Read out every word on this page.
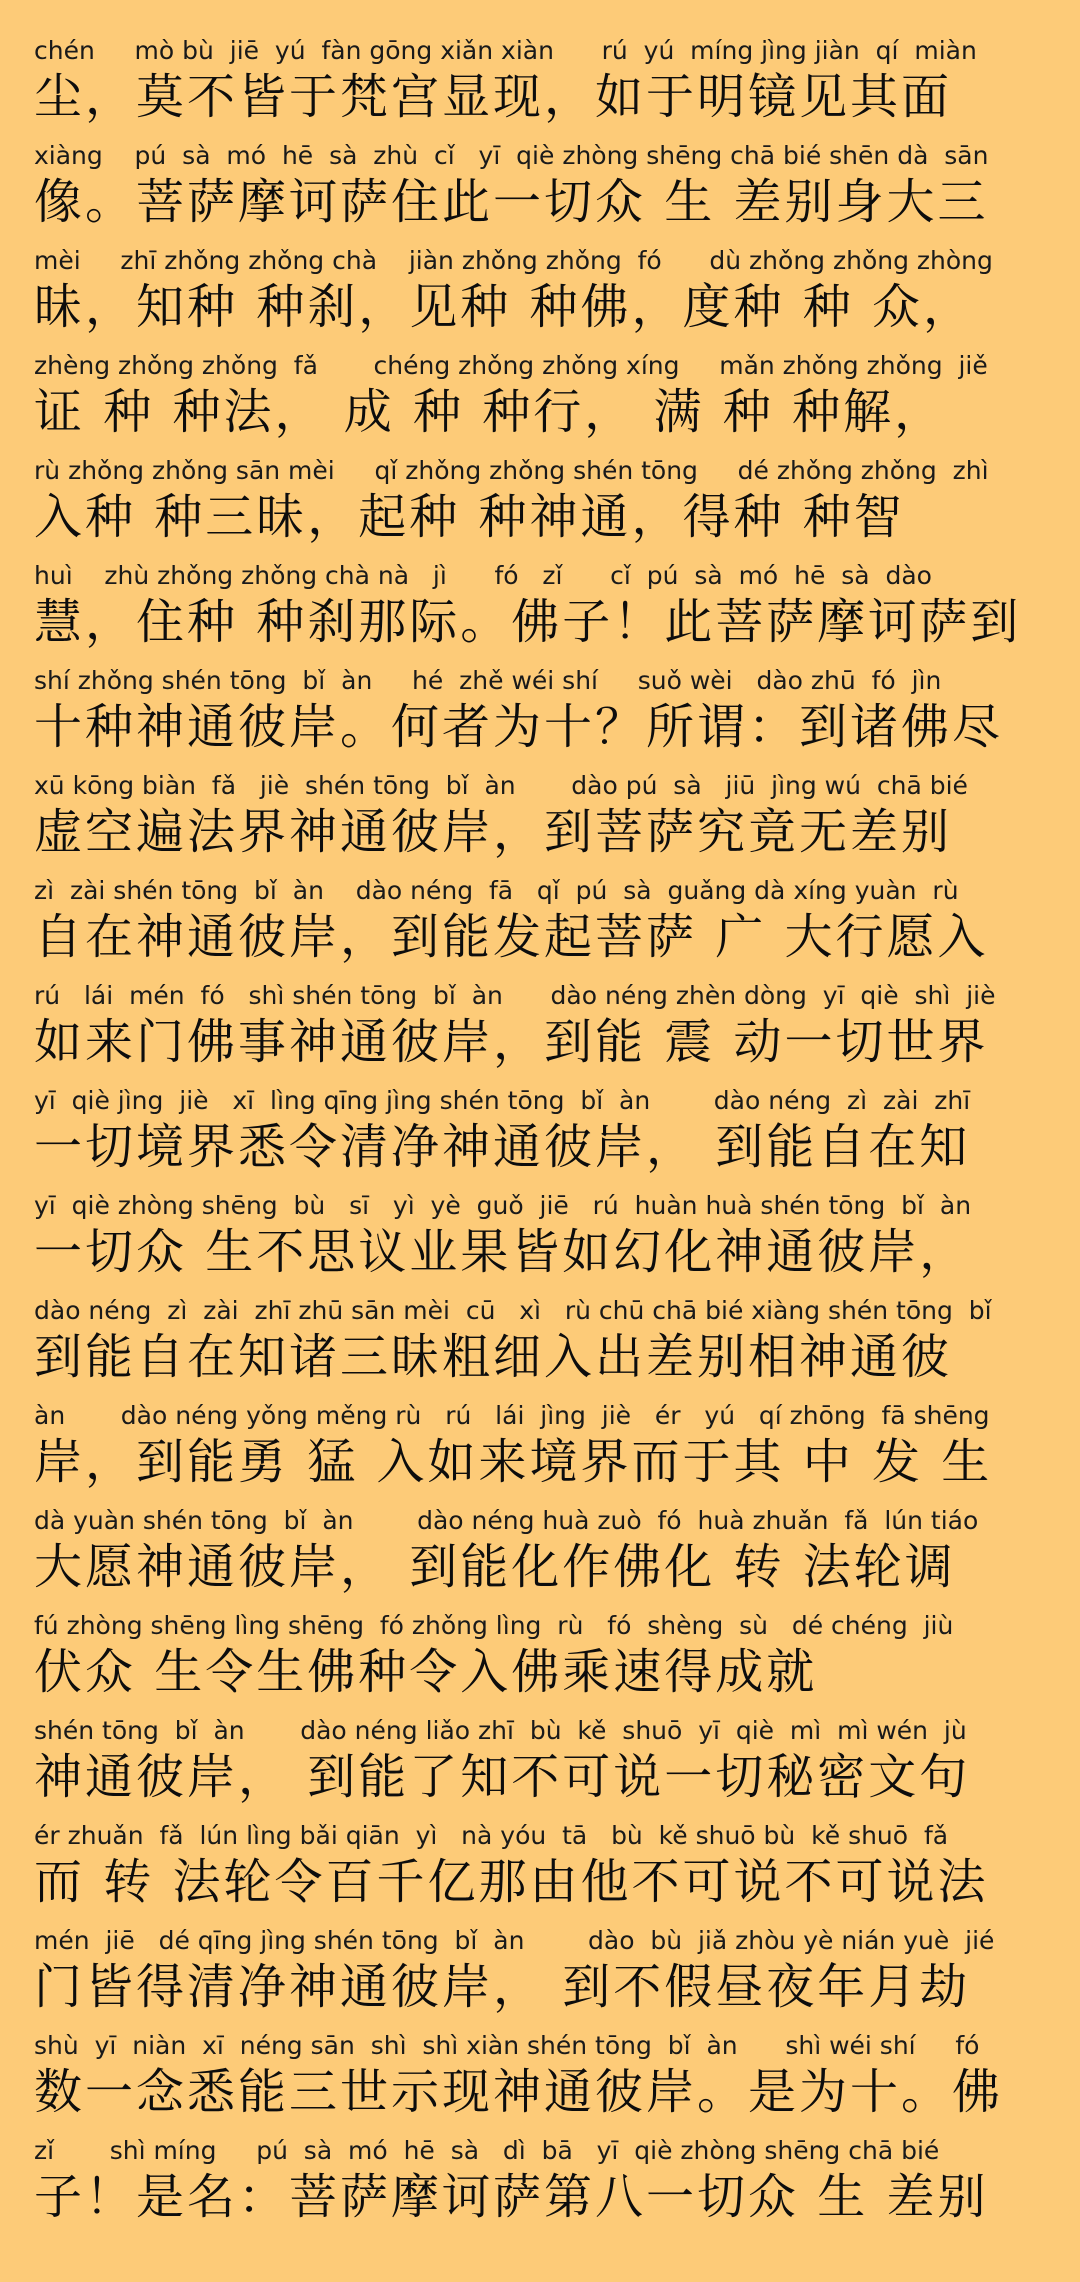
chén     mò bù  jiē  yú  fàn gōng xiǎn xiàn      rú  yú  míng jìng jiàn  qí  miàn
尘，莫不皆于梵宫显现，如于明镜见其面
xiàng    pú  sà  mó  hē  sà  zhù  cǐ   yī  qiè zhòng shēng chā bié shēn dà  sān
像。菩萨摩诃萨住此一切众 生 差别身大三
mèi     zhī zhǒng zhǒng chà    jiàn zhǒng zhǒng  fó      dù zhǒng zhǒng zhòng
昧，知种 种刹，见种 种佛，度种 种 众，
zhèng zhǒng zhǒng  fǎ       chéng zhǒng zhǒng xíng     mǎn zhǒng zhǒng  jiě
证 种 种法， 成 种 种行， 满 种 种解，
rù zhǒng zhǒng sān mèi     qǐ zhǒng zhǒng shén tōng     dé zhǒng zhǒng  zhì
入种 种三昧，起种 种神通，得种 种智
huì    zhù zhǒng zhǒng chà nà   jì      fó   zǐ      cǐ  pú  sà  mó  hē  sà  dào
慧，住种 种刹那际。佛子！此菩萨摩诃萨到
shí zhǒng shén tōng  bǐ  àn     hé  zhě wéi shí     suǒ wèi   dào zhū  fó  jìn
十种神通彼岸。何者为十？所谓：到诸佛尽
xū kōng biàn  fǎ   jiè  shén tōng  bǐ  àn       dào pú  sà   jiū  jìng wú  chā bié
虚空遍法界神通彼岸，到菩萨究竟无差别
zì  zài shén tōng  bǐ  àn    dào néng  fā   qǐ  pú  sà  guǎng dà xíng yuàn  rù
自在神通彼岸，到能发起菩萨 广 大行愿入
rú   lái  mén  fó   shì shén tōng  bǐ  àn      dào néng zhèn dòng  yī  qiè  shì  jiè
如来门佛事神通彼岸，到能 震 动一切世界
yī  qiè jìng  jiè   xī  lìng qīng jìng shén tōng  bǐ  àn        dào néng  zì  zài  zhī
一切境界悉令清净神通彼岸， 到能自在知
yī  qiè zhòng shēng  bù   sī   yì  yè  guǒ  jiē   rú  huàn huà shén tōng  bǐ  àn
一切众 生不思议业果皆如幻化神通彼岸，
dào néng  zì  zài  zhī zhū sān mèi  cū   xì   rù chū chā bié xiàng shén tōng  bǐ
到能自在知诸三昧粗细入出差别相神通彼
àn       dào néng yǒng měng rù   rú   lái  jìng  jiè   ér   yú   qí zhōng  fā shēng
岸，到能勇 猛 入如来境界而于其 中 发 生
dà yuàn shén tōng  bǐ  àn        dào néng huà zuò  fó  huà zhuǎn  fǎ  lún tiáo
大愿神通彼岸， 到能化作佛化 转 法轮调
fú zhòng shēng lìng shēng  fó zhǒng lìng  rù   fó  shèng  sù   dé chéng  jiù
伏众 生令生佛种令入佛乘速得成就
shén tōng  bǐ  àn       dào néng liǎo zhī  bù  kě  shuō  yī  qiè  mì  mì wén  jù
神通彼岸， 到能了知不可说一切秘密文句
ér zhuǎn  fǎ  lún lìng bǎi qiān  yì   nà yóu  tā   bù  kě shuō bù  kě shuō  fǎ
而 转 法轮令百千亿那由他不可说不可说法
mén  jiē   dé qīng jìng shén tōng  bǐ  àn        dào  bù  jiǎ zhòu yè nián yuè  jié
门皆得清净神通彼岸， 到不假昼夜年月劫
shù  yī  niàn  xī  néng sān  shì  shì xiàn shén tōng  bǐ  àn      shì wéi shí     fó
数一念悉能三世示现神通彼岸。是为十。佛
zǐ       shì míng     pú  sà  mó  hē  sà   dì  bā   yī  qiè zhòng shēng chā bié
子！是名：菩萨摩诃萨第八一切众 生 差别
